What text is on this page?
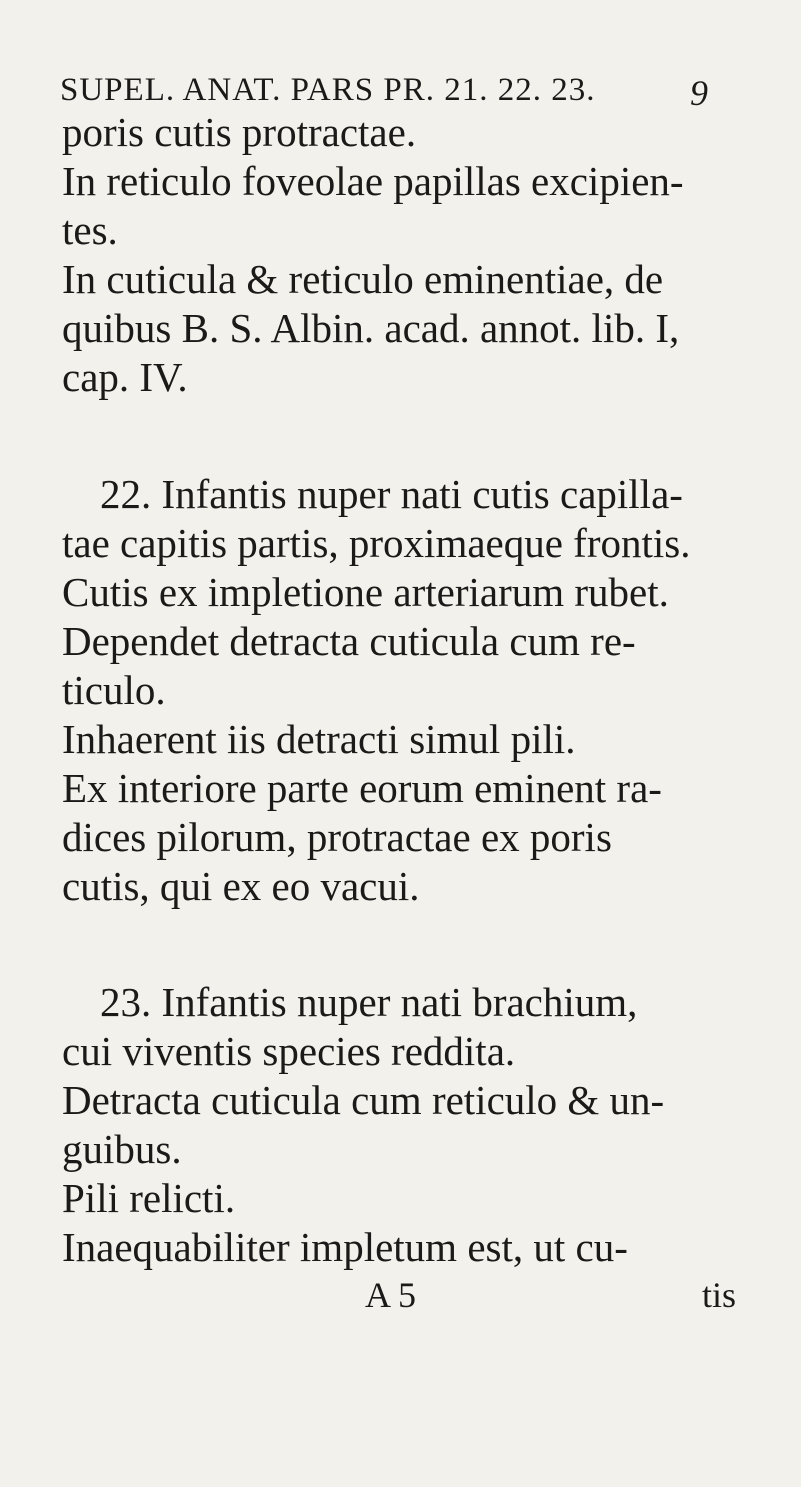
SUPEL. ANAT. PARS PR. 21. 22. 23.	9
poris cutis protractae.
In reticulo foveolae papillas excipien-
tes.
In cuticula & reticulo eminentiae, de
quibus B. S. Albin. acad. annot. lib. I,
cap. IV.
22. Infantis nuper nati cutis capilla-
tae capitis partis, proximaeque frontis.
Cutis ex impletione arteriarum rubet.
Dependet detracta cuticula cum re-
ticulo.
Inhaerent iis detracti simul pili.
Ex interiore parte eorum eminent ra-
dices pilorum, protractae ex poris
cutis, qui ex eo vacui.
23. Infantis nuper nati brachium,
cui viventis species reddita.
Detracta cuticula cum reticulo & un-
guibus.
Pili relicti.
Inaequabiliter impletum est, ut cu-
A 5	tis
